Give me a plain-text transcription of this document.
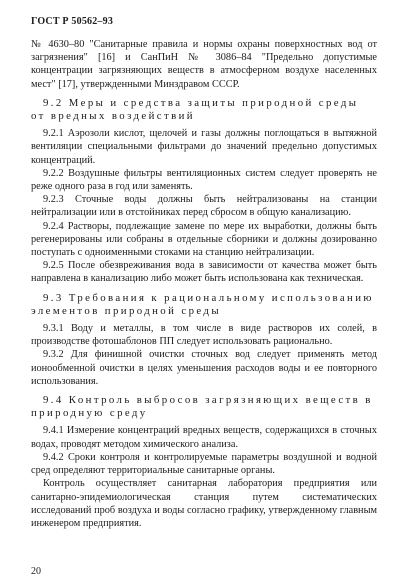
ГОСТ Р 50562–93

№ 4630–80 "Санитарные правила и нормы охраны поверхностных вод от загрязнения" [16] и СанПиН № 3086–84 "Предельно допустимые концентрации загрязняющих веществ в атмосферном воздухе населенных мест" [17], утвержденными Минздравом СССР.

9.2 Меры и средства защиты природной среды от вредных воздействий

9.2.1 Аэрозоли кислот, щелочей и газы должны поглощаться в вытяжной вентиляции специальными фильтрами до значений предельно допустимых концентраций.

9.2.2 Воздушные фильтры вентиляционных систем следует проверять не реже одного раза в год или заменять.

9.2.3 Сточные воды должны быть нейтрализованы на станции нейтрализации или в отстойниках перед сбросом в общую канализацию.

9.2.4 Растворы, подлежащие замене по мере их выработки, должны быть регенерированы или собраны в отдельные сборники и должны дозированно поступать с одноименными стоками на станцию нейтрализации.

9.2.5 После обезвреживания вода в зависимости от качества может быть направлена в канализацию либо может быть использована как техническая.

9.3 Требования к рациональному использованию элементов природной среды

9.3.1 Воду и металлы, в том числе в виде растворов их солей, в производстве фотошаблонов ПП следует использовать рационально.

9.3.2 Для финишной очистки сточных вод следует применять метод ионообменной очистки в целях уменьшения расходов воды и ее повторного использования.

9.4 Контроль выбросов загрязняющих веществ в природную среду

9.4.1 Измерение концентраций вредных веществ, содержащихся в сточных водах, проводят методом химического анализа.

9.4.2 Сроки контроля и контролируемые параметры воздушной и водной сред определяют территориальные санитарные органы.

Контроль осуществляет санитарная лаборатория предприятия или санитарно-эпидемиологическая станция путем систематических исследований проб воздуха и воды согласно графику, утвержденному главным инженером предприятия.

20
